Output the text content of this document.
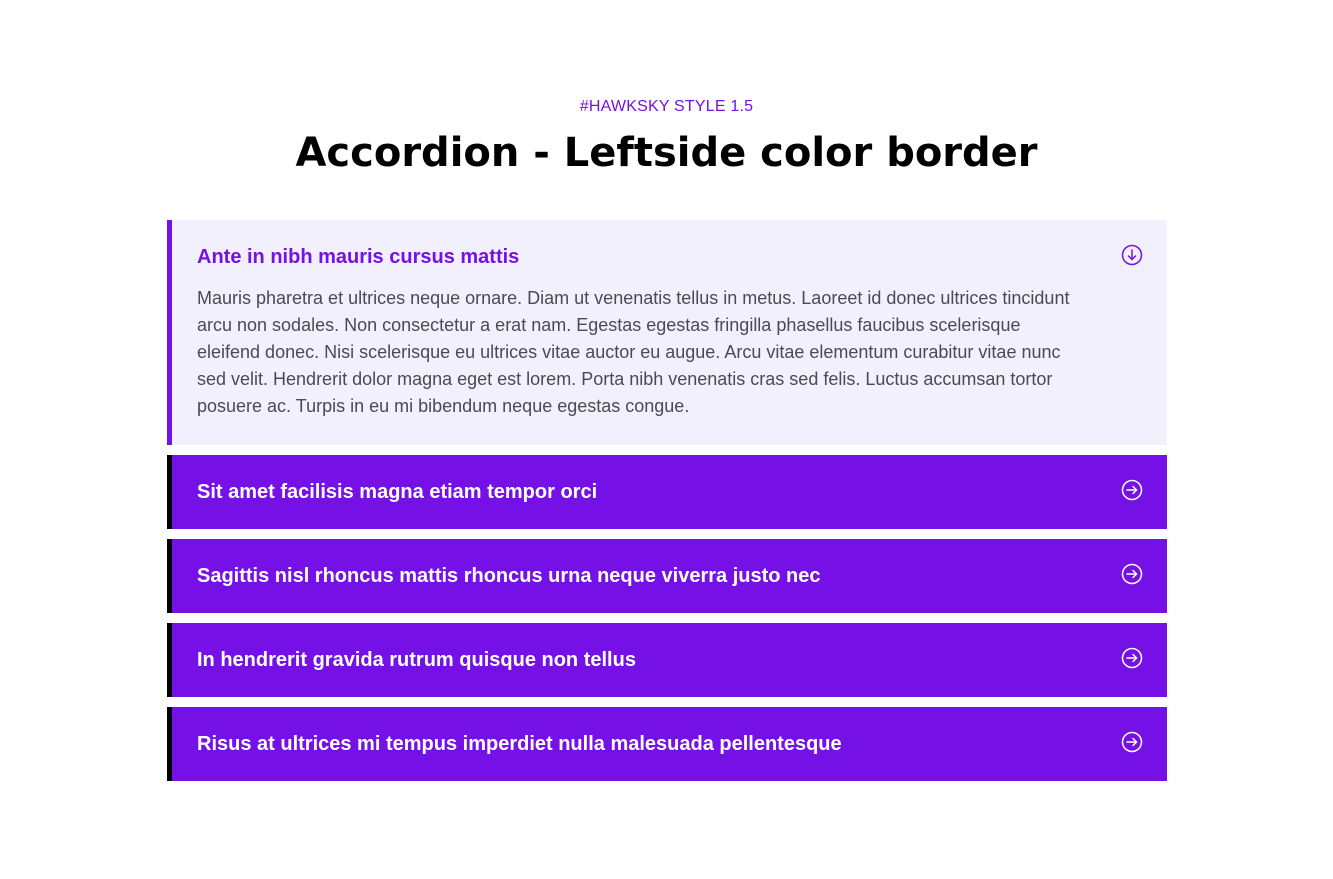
#HAWKSKY STYLE 1.5
Accordion - Leftside color border
Ante in nibh mauris cursus mattis
Mauris pharetra et ultrices neque ornare. Diam ut venenatis tellus in metus. Laoreet id donec ultrices tincidunt arcu non sodales. Non consectetur a erat nam. Egestas egestas fringilla phasellus faucibus scelerisque eleifend donec. Nisi scelerisque eu ultrices vitae auctor eu augue. Arcu vitae elementum curabitur vitae nunc sed velit. Hendrerit dolor magna eget est lorem. Porta nibh venenatis cras sed felis. Luctus accumsan tortor posuere ac. Turpis in eu mi bibendum neque egestas congue.
Sit amet facilisis magna etiam tempor orci
Sagittis nisl rhoncus mattis rhoncus urna neque viverra justo nec
In hendrerit gravida rutrum quisque non tellus
Risus at ultrices mi tempus imperdiet nulla malesuada pellentesque
